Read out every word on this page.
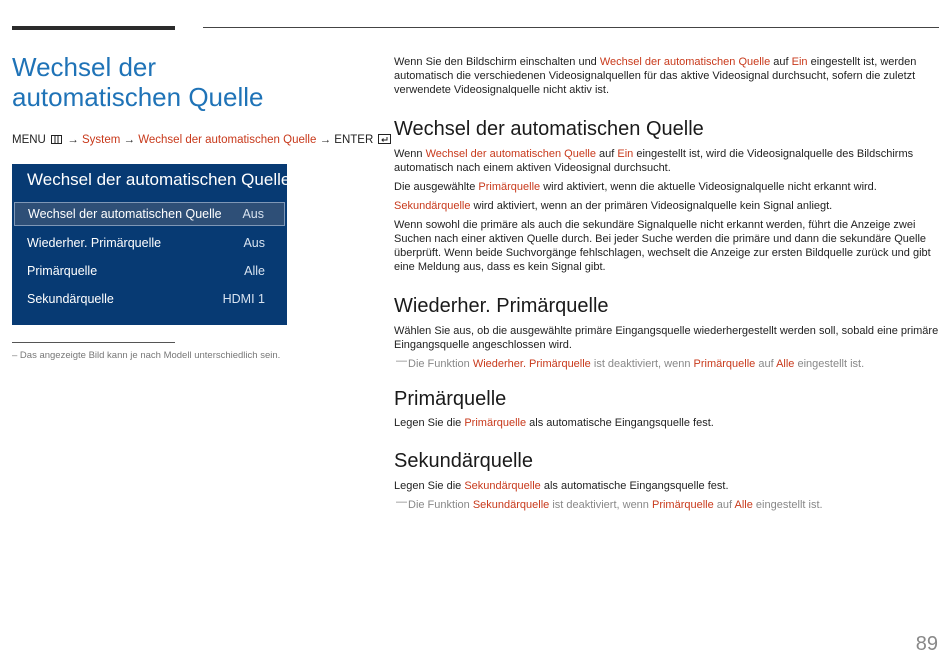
Wechsel der automatischen Quelle
MENU → System → Wechsel der automatischen Quelle → ENTER
Wechsel der automatischen Quelle
Wechsel der automatischen Quelle Aus
Wiederher. Primärquelle	Aus
Primärquelle	Alle
Sekundärquelle	HDMI 1
– Das angezeigte Bild kann je nach Modell unterschiedlich sein.

Wenn Sie den Bildschirm einschalten und Wechsel der automatischen Quelle auf Ein eingestellt ist, werden automatisch die verschiedenen Videosignalquellen für das aktive Videosignal durchsucht, sofern die zuletzt verwendete Videosignalquelle nicht aktiv ist.

Wechsel der automatischen Quelle

Wenn Wechsel der automatischen Quelle auf Ein eingestellt ist, wird die Videosignalquelle des Bildschirms automatisch nach einem aktiven Videosignal durchsucht.

Die ausgewählte Primärquelle wird aktiviert, wenn die aktuelle Videosignalquelle nicht erkannt wird.

Sekundärquelle wird aktiviert, wenn an der primären Videosignalquelle kein Signal anliegt.

Wenn sowohl die primäre als auch die sekundäre Signalquelle nicht erkannt werden, führt die Anzeige zwei Suchen nach einer aktiven Quelle durch. Bei jeder Suche werden die primäre und dann die sekundäre Quelle überprüft. Wenn beide Suchvorgänge fehlschlagen, wechselt die Anzeige zur ersten Bildquelle zurück und gibt eine Meldung aus, dass es kein Signal gibt.

Wiederher. Primärquelle

Wählen Sie aus, ob die ausgewählte primäre Eingangsquelle wiederhergestellt werden soll, sobald eine primäre Eingangsquelle angeschlossen wird.

― Die Funktion Wiederher. Primärquelle ist deaktiviert, wenn Primärquelle auf Alle eingestellt ist.

Primärquelle

Legen Sie die Primärquelle als automatische Eingangsquelle fest.

Sekundärquelle

Legen Sie die Sekundärquelle als automatische Eingangsquelle fest.

― Die Funktion Sekundärquelle ist deaktiviert, wenn Primärquelle auf Alle eingestellt ist.

89
